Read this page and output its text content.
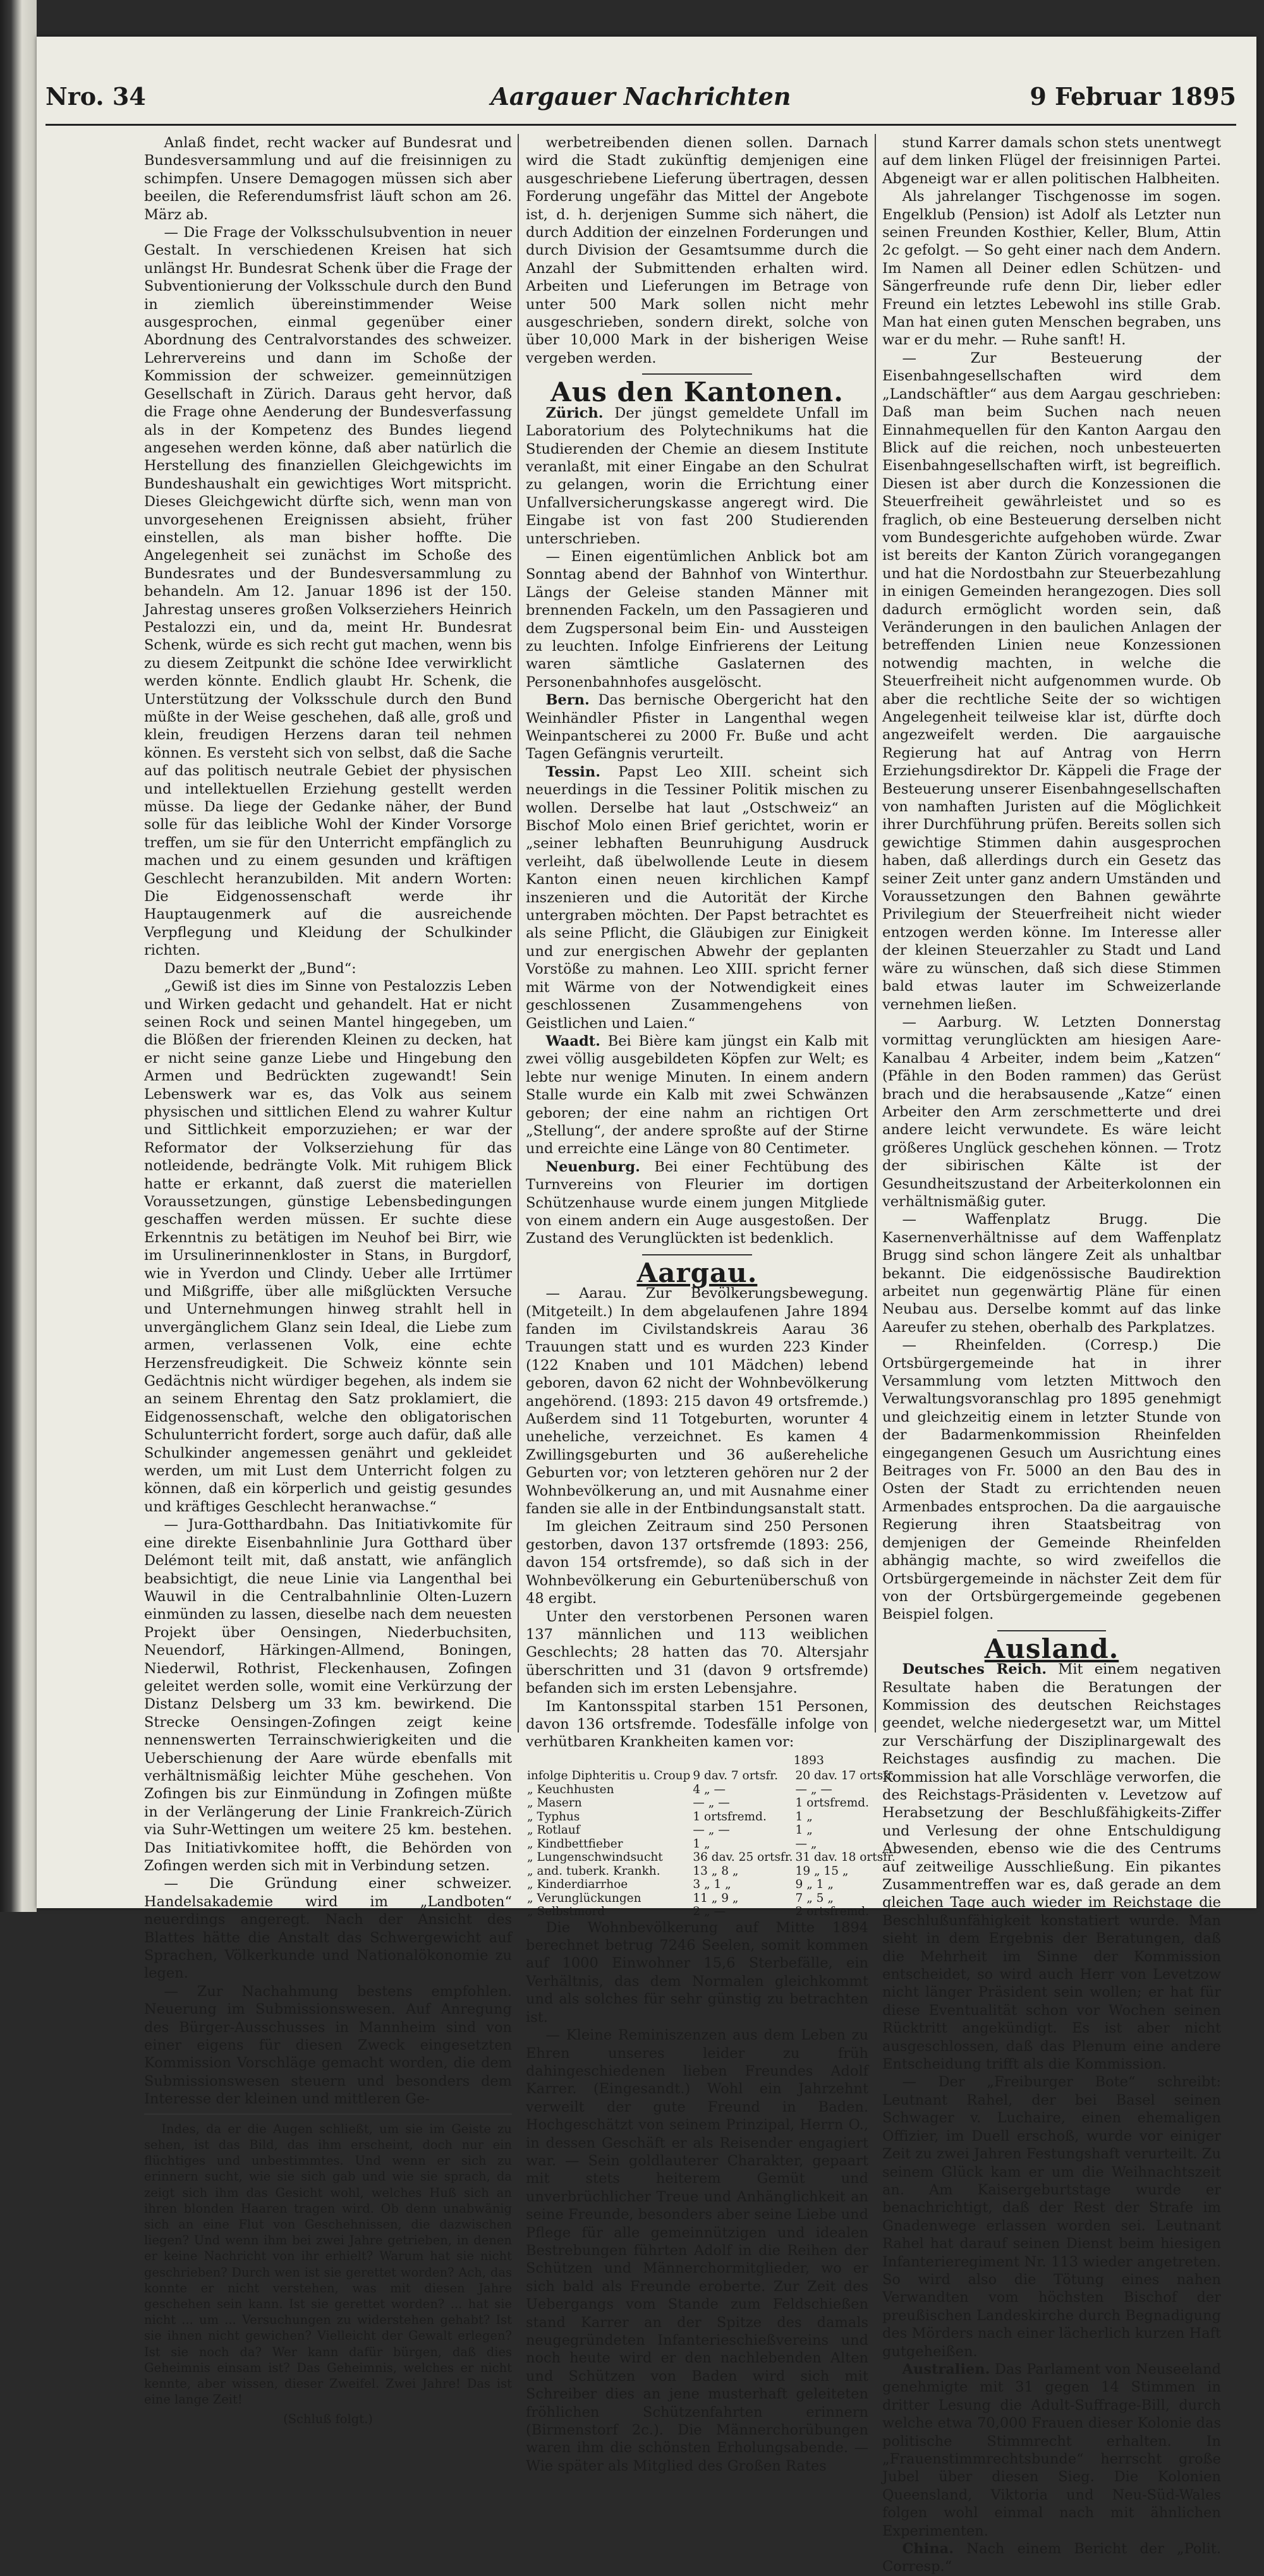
Nro. 34	Aargauer Nachrichten	9 Februar 1895

Anlaß findet, recht wacker auf Bundesrat und Bundesversammlung und auf die freisinnigen zu schimpfen. Unsere Demagogen müssen sich aber beeilen, die Referendumsfrist läuft schon am 26. März ab.

— Die Frage der Volksschulsubvention in neuer Gestalt. In verschiedenen Kreisen hat sich unlängst Hr. Bundesrat Schenk über die Frage der Subventionierung der Volksschule durch den Bund in ziemlich übereinstimmender Weise ausgesprochen, einmal gegenüber einer Abordnung des Centralvorstandes des schweizer. Lehrervereins und dann im Schoße der Kommission der schweizer. gemeinnützigen Gesellschaft in Zürich. Daraus geht hervor, daß die Frage ohne Aenderung der Bundesverfassung als in der Kompetenz des Bundes liegend angesehen werden könne, daß aber natürlich die Herstellung des finanziellen Gleichgewichts im Bundeshaushalt ein gewichtiges Wort mitspricht. Dieses Gleichgewicht dürfte sich, wenn man von unvorgesehenen Ereignissen absieht, früher einstellen, als man bisher hoffte. Die Angelegenheit sei zunächst im Schoße des Bundesrates und der Bundesversammlung zu behandeln. Am 12. Januar 1896 ist der 150. Jahrestag unseres großen Volkserziehers Heinrich Pestalozzi ein, und da, meint Hr. Bundesrat Schenk, würde es sich recht gut machen, wenn bis zu diesem Zeitpunkt die schöne Idee verwirklicht werden könnte. Endlich glaubt Hr. Schenk, die Unterstützung der Volksschule durch den Bund müßte in der Weise geschehen, daß alle, groß und klein, freudigen Herzens daran teil nehmen können. Es versteht sich von selbst, daß die Sache auf das politisch neutrale Gebiet der physischen und intellektuellen Erziehung gestellt werden müsse. Da liege der Gedanke näher, der Bund solle für das leibliche Wohl der Kinder Vorsorge treffen, um sie für den Unterricht empfänglich zu machen und zu einem gesunden und kräftigen Geschlecht heranzubilden. Mit andern Worten: Die Eidgenossenschaft werde ihr Hauptaugenmerk auf die ausreichende Verpflegung und Kleidung der Schulkinder richten.

Dazu bemerkt der „Bund“:

„Gewiß ist dies im Sinne von Pestalozzis Leben und Wirken gedacht und gehandelt. Hat er nicht seinen Rock und seinen Mantel hingegeben, um die Blößen der frierenden Kleinen zu decken, hat er nicht seine ganze Liebe und Hingebung den Armen und Bedrückten zugewandt! Sein Lebenswerk war es, das Volk aus seinem physischen und sittlichen Elend zu wahrer Kultur und Sittlichkeit emporzuziehen; er war der Reformator der Volkserziehung für das notleidende, bedrängte Volk. Mit ruhigem Blick hatte er erkannt, daß zuerst die materiellen Voraussetzungen, günstige Lebensbedingungen geschaffen werden müssen. Er suchte diese Erkenntnis zu betätigen im Neuhof bei Birr, wie im Ursulinerinnenkloster in Stans, in Burgdorf, wie in Yverdon und Clindy. Ueber alle Irrtümer und Mißgriffe, über alle mißglückten Versuche und Unternehmungen hinweg strahlt hell in unvergänglichem Glanz sein Ideal, die Liebe zum armen, verlassenen Volk, eine echte Herzensfreudigkeit. Die Schweiz könnte sein Gedächtnis nicht würdiger begehen, als indem sie an seinem Ehrentag den Satz proklamiert, die Eidgenossenschaft, welche den obligatorischen Schulunterricht fordert, sorge auch dafür, daß alle Schulkinder angemessen genährt und gekleidet werden, um mit Lust dem Unterricht folgen zu können, daß ein körperlich und geistig gesundes und kräftiges Geschlecht heranwachse.“

— Jura-Gotthardbahn. Das Initiativkomite für eine direkte Eisenbahnlinie Jura Gotthard über Delémont teilt mit, daß anstatt, wie anfänglich beabsichtigt, die neue Linie via Langenthal bei Wauwil in die Centralbahnlinie Olten-Luzern einmünden zu lassen, dieselbe nach dem neuesten Projekt über Oensingen, Niederbuchsiten, Neuendorf, Härkingen-Allmend, Boningen, Niederwil, Rothrist, Fleckenhausen, Zofingen geleitet werden solle, womit eine Verkürzung der Distanz Delsberg um 33 km. bewirkend. Die Strecke Oensingen-Zofingen zeigt keine nennenswerten Terrainschwierigkeiten und die Ueberschienung der Aare würde ebenfalls mit verhältnismäßig leichter Mühe geschehen. Von Zofingen bis zur Einmündung in Zofingen müßte in der Verlängerung der Linie Frankreich-Zürich via Suhr-Wettingen um weitere 25 km. bestehen. Das Initiativkomitee hofft, die Behörden von Zofingen werden sich mit in Verbindung setzen.

— Die Gründung einer schweizer. Handelsakademie wird im „Landboten“ neuerdings angeregt. Nach der Ansicht des Blattes hätte die Anstalt das Schwergewicht auf Sprachen, Völkerkunde und Nationalökonomie zu legen.

— Zur Nachahmung bestens empfohlen. Neuerung im Submissionswesen. Auf Anregung des Bürger-Ausschusses in Mannheim sind von einer eigens für diesen Zweck eingesetzten Kommission Vorschläge gemacht worden, die dem Submissionswesen steuern und besonders dem Interesse der kleinen und mittleren Ge-

Indes, da er die Augen schließt, um sie im Geiste zu sehen, ist das Bild, das ihm erscheint, doch nur ein flüchtiges und unbestimmtes. Und wenn er sich zu erinnern sucht, wie sie sich gab und wie sie sprach, da zeigt sich ihm das Gesicht wohl, welches Huß sich an ihren blonden Haaren tragen wird. Ob denn unabwänig sich an eine Flut von Geschehnissen, die dazwischen liegen? Und wenn ihm bei zwei Jahre getrieben, in denen er keine Nachricht von ihr erhielt? Warum hat sie nicht geschrieben? Durch wen ist sie gerettet worden? Ach, das konnte er nicht verstehen, was mit diesen Jahre geschehen sein kann. Ist sie gerettet worden? ... hat sie nicht ... um ... Versuchungen zu widerstehen gehabt? Ist sie ihnen nicht gewichen? Vielleicht der Gewalt erlegen? Ist sie noch da? Wer kann dafür bürgen, daß dies Geheimnis einsam ist? Das Geheimnis, welches er nicht kennte, aber wissen, dieser Zweifel. Zwei Jahre! Das ist eine lange Zeit!

(Schluß folgt.)

werbetreibenden dienen sollen. Darnach wird die Stadt zukünftig demjenigen eine ausgeschriebene Lieferung übertragen, dessen Forderung ungefähr das Mittel der Angebote ist, d. h. derjenigen Summe sich nähert, die durch Addition der einzelnen Forderungen und durch Division der Gesamtsumme durch die Anzahl der Submittenden erhalten wird. Arbeiten und Lieferungen im Betrage von unter 500 Mark sollen nicht mehr ausgeschrieben, sondern direkt, solche von über 10,000 Mark in der bisherigen Weise vergeben werden.

Aus den Kantonen.

Zürich. Der jüngst gemeldete Unfall im Laboratorium des Polytechnikums hat die Studierenden der Chemie an diesem Institute veranlaßt, mit einer Eingabe an den Schulrat zu gelangen, worin die Errichtung einer Unfallversicherungskasse angeregt wird. Die Eingabe ist von fast 200 Studierenden unterschrieben.

— Einen eigentümlichen Anblick bot am Sonntag abend der Bahnhof von Winterthur. Längs der Geleise standen Männer mit brennenden Fackeln, um den Passagieren und dem Zugspersonal beim Ein- und Aussteigen zu leuchten. Infolge Einfrierens der Leitung waren sämtliche Gaslaternen des Personenbahnhofes ausgelöscht.

Bern. Das bernische Obergericht hat den Weinhändler Pfister in Langenthal wegen Weinpantscherei zu 2000 Fr. Buße und acht Tagen Gefängnis verurteilt.

Tessin. Papst Leo XIII. scheint sich neuerdings in die Tessiner Politik mischen zu wollen. Derselbe hat laut „Ostschweiz“ an Bischof Molo einen Brief gerichtet, worin er „seiner lebhaften Beunruhigung Ausdruck verleiht, daß übelwollende Leute in diesem Kanton einen neuen kirchlichen Kampf inszenieren und die Autorität der Kirche untergraben möchten. Der Papst betrachtet es als seine Pflicht, die Gläubigen zur Einigkeit und zur energischen Abwehr der geplanten Vorstöße zu mahnen. Leo XIII. spricht ferner mit Wärme von der Notwendigkeit eines geschlossenen Zusammengehens von Geistlichen und Laien.“

Waadt. Bei Bière kam jüngst ein Kalb mit zwei völlig ausgebildeten Köpfen zur Welt; es lebte nur wenige Minuten. In einem andern Stalle wurde ein Kalb mit zwei Schwänzen geboren; der eine nahm an richtigen Ort „Stellung“, der andere sproßte auf der Stirne und erreichte eine Länge von 80 Centimeter.

Neuenburg. Bei einer Fechtübung des Turnvereins von Fleurier im dortigen Schützenhause wurde einem jungen Mitgliede von einem andern ein Auge ausgestoßen. Der Zustand des Verunglückten ist bedenklich.

Aargau.

— Aarau. Zur Bevölkerungsbewegung. (Mitgeteilt.) In dem abgelaufenen Jahre 1894 fanden im Civilstandskreis Aarau 36 Trauungen statt und es wurden 223 Kinder (122 Knaben und 101 Mädchen) lebend geboren, davon 62 nicht der Wohnbevölkerung angehörend. (1893: 215 davon 49 ortsfremde.) Außerdem sind 11 Totgeburten, worunter 4 uneheliche, verzeichnet. Es kamen 4 Zwillingsgeburten und 36 außereheliche Geburten vor; von letzteren gehören nur 2 der Wohnbevölkerung an, und mit Ausnahme einer fanden sie alle in der Entbindungsanstalt statt.

Im gleichen Zeitraum sind 250 Personen gestorben, davon 137 ortsfremde (1893: 256, davon 154 ortsfremde), so daß sich in der Wohnbevölkerung ein Geburtenüberschuß von 48 ergibt.

Unter den verstorbenen Personen waren 137 männlichen und 113 weiblichen Geschlechts; 28 hatten das 70. Altersjahr überschritten und 31 (davon 9 ortsfremde) befanden sich im ersten Lebensjahre.

Im Kantonsspital starben 151 Personen, davon 136 ortsfremde. Todesfälle infolge von verhütbaren Krankheiten kamen vor:

1893
infolge Diphteritis u. Croup	9 dav. 7 ortsfr.	20 dav. 17 ortsfr.
„ Keuchhusten	4 „ —	— „ —
„ Masern	— „ —	1 ortsfremd.
„ Typhus	1 ortsfremd.	1 „
„ Rotlauf	— „ —	1 „
„ Kindbettfieber	1 „	— „
„ Lungenschwindsucht	36 dav. 25 ortsfr.	31 dav. 18 ortsfr.
„ and. tuberk. Krankh.	13 „ 8 „	19 „ 15 „
„ Kinderdiarrhoe	3 „ 1 „	9 „ 1 „
„ Verunglückungen	11 „ 9 „	7 „ 5 „
„ Selbstmord	2 „ —	2 ortsfremd.

Die Wohnbevölkerung auf Mitte 1894 berechnet betrug 7246 Seelen, somit kommen auf 1000 Einwohner 15,6 Sterbefälle, ein Verhältnis, das dem Normalen gleichkommt und als solches für sehr günstig zu betrachten ist.

— Kleine Reminiszenzen aus dem Leben zu Ehren unseres leider zu früh dahingeschiedenen lieben Freundes Adolf Karrer. (Eingesandt.) Wohl ein Jahrzehnt verweilt der gute Freund in Baden. Hochgeschätzt von seinem Prinzipal, Herrn O., in dessen Geschäft er als Reisender engagiert war. — Sein goldlauterer Charakter, gepaart mit stets heiterem Gemüt und unverbrüchlicher Treue und Anhänglichkeit an seine Freunde, besonders aber seine Liebe und Pflege für alle gemeinnützigen und idealen Bestrebungen führten Adolf in die Reihen der Schützen und Männerchormitglieder, wo er sich bald als Freunde eroberte. Zur Zeit des Uebergangs vom Stande zum Feldschießen stand Karrer an der Spitze des damals neugegründeten Infanterieschießvereins und noch heute wird er den nachlebenden Alten und Schützen von Baden wird sich mit Schreiber dies an jene musterhaft geleiteten fröhlichen Schützenfahrten erinnern (Birmenstorf 2c.). Die Männerchorübungen waren ihm die schönsten Erholungsabende. — Wie später als Mitglied des Großen Rates

stund Karrer damals schon stets unentwegt auf dem linken Flügel der freisinnigen Partei. Abgeneigt war er allen politischen Halbheiten.

Als jahrelanger Tischgenosse im sogen. Engelklub (Pension) ist Adolf als Letzter nun seinen Freunden Kosthier, Keller, Blum, Attin 2c gefolgt. — So geht einer nach dem Andern. Im Namen all Deiner edlen Schützen- und Sängerfreunde rufe denn Dir, lieber edler Freund ein letztes Lebewohl ins stille Grab. Man hat einen guten Menschen begraben, uns war er du mehr. — Ruhe sanft! H.

— Zur Besteuerung der Eisenbahngesellschaften wird dem „Landschäftler“ aus dem Aargau geschrieben: Daß man beim Suchen nach neuen Einnahmequellen für den Kanton Aargau den Blick auf die reichen, noch unbesteuerten Eisenbahngesellschaften wirft, ist begreiflich. Diesen ist aber durch die Konzessionen die Steuerfreiheit gewährleistet und so es fraglich, ob eine Besteuerung derselben nicht vom Bundesgerichte aufgehoben würde. Zwar ist bereits der Kanton Zürich vorangegangen und hat die Nordostbahn zur Steuerbezahlung in einigen Gemeinden herangezogen. Dies soll dadurch ermöglicht worden sein, daß Veränderungen in den baulichen Anlagen der betreffenden Linien neue Konzessionen notwendig machten, in welche die Steuerfreiheit nicht aufgenommen wurde. Ob aber die rechtliche Seite der so wichtigen Angelegenheit teilweise klar ist, dürfte doch angezweifelt werden. Die aargauische Regierung hat auf Antrag von Herrn Erziehungsdirektor Dr. Käppeli die Frage der Besteuerung unserer Eisenbahngesellschaften von namhaften Juristen auf die Möglichkeit ihrer Durchführung prüfen. Bereits sollen sich gewichtige Stimmen dahin ausgesprochen haben, daß allerdings durch ein Gesetz das seiner Zeit unter ganz andern Umständen und Voraussetzungen den Bahnen gewährte Privilegium der Steuerfreiheit nicht wieder entzogen werden könne. Im Interesse aller der kleinen Steuerzahler zu Stadt und Land wäre zu wünschen, daß sich diese Stimmen bald etwas lauter im Schweizerlande vernehmen ließen.

— Aarburg. W. Letzten Donnerstag vormittag verunglückten am hiesigen Aare-Kanalbau 4 Arbeiter, indem beim „Katzen“ (Pfähle in den Boden rammen) das Gerüst brach und die herabsausende „Katze“ einen Arbeiter den Arm zerschmetterte und drei andere leicht verwundete. Es wäre leicht größeres Unglück geschehen können. — Trotz der sibirischen Kälte ist der Gesundheitszustand der Arbeiterkolonnen ein verhältnismäßig guter.

— Waffenplatz Brugg. Die Kasernenverhältnisse auf dem Waffenplatz Brugg sind schon längere Zeit als unhaltbar bekannt. Die eidgenössische Baudirektion arbeitet nun gegenwärtig Pläne für einen Neubau aus. Derselbe kommt auf das linke Aareufer zu stehen, oberhalb des Parkplatzes.

— Rheinfelden. (Corresp.) Die Ortsbürgergemeinde hat in ihrer Versammlung vom letzten Mittwoch den Verwaltungsvoranschlag pro 1895 genehmigt und gleichzeitig einem in letzter Stunde von der Badarmenkommission Rheinfelden eingegangenen Gesuch um Ausrichtung eines Beitrages von Fr. 5000 an den Bau des in Osten der Stadt zu errichtenden neuen Armenbades entsprochen. Da die aargauische Regierung ihren Staatsbeitrag von demjenigen der Gemeinde Rheinfelden abhängig machte, so wird zweifellos die Ortsbürgergemeinde in nächster Zeit dem für von der Ortsbürgergemeinde gegebenen Beispiel folgen.

Ausland.

Deutsches Reich. Mit einem negativen Resultate haben die Beratungen der Kommission des deutschen Reichstages geendet, welche niedergesetzt war, um Mittel zur Verschärfung der Disziplinargewalt des Reichstages ausfindig zu machen. Die Kommission hat alle Vorschläge verworfen, die des Reichstags-Präsidenten v. Levetzow auf Herabsetzung der Beschlußfähigkeits-Ziffer und Verlesung der ohne Entschuldigung Abwesenden, ebenso wie die des Centrums auf zeitweilige Ausschließung. Ein pikantes Zusammentreffen war es, daß gerade an dem gleichen Tage auch wieder im Reichstage die Beschlußunfähigkeit konstatiert wurde. Man sieht in dem Ergebnis der Beratungen, daß die Mehrheit im Sinne der Kommission entscheidet, so wird auch Herr von Levetzow nicht länger Präsident sein wollen; er hat für diese Eventualität schon vor Wochen seinen Rücktritt angekündigt. Es ist aber nicht ausgeschlossen, daß das Plenum eine andere Entscheidung trifft als die Kommission.

— Der „Freiburger Bote“ schreibt: Leutnant Rahel, der bei Basel seinen Schwager v. Luchaire, einen ehemaligen Offizier, im Duell erschoß, wurde vor einiger Zeit zu zwei Jahren Festungshaft verurteilt. Zu seinem Glück kam er um die Weihnachtszeit an. Am Kaisergeburtstage wurde er benachrichtigt, daß der Rest der Strafe im Gnadenwege erlassen worden sei. Leutnant Rahel hat darauf seinen Dienst beim hiesigen Infanterieregiment Nr. 113 wieder angetreten. So wird also die Tötung eines nahen Verwandten vom höchsten Bischof der preußischen Landeskirche durch Begnadigung des Mörders nach einer lächerlich kurzen Haft gutgeheißen.

Australien. Das Parlament von Neuseeland genehmigte mit 31 gegen 14 Stimmen in dritter Lesung die Adult-Suffrage-Bill, durch welche etwa 70,000 Frauen dieser Kolonie das politische Stimmrecht erhalten. In „Frauenstimmrechtsbunde“ herrscht große Jubel über diesen Sieg. Die Kolonien Queensland, Viktoria und Neu-Süd-Wales folgen wohl einmal nach mit ähnlichen Experimenten.

China. Nach einem Bericht der „Polit. Corresp.“
